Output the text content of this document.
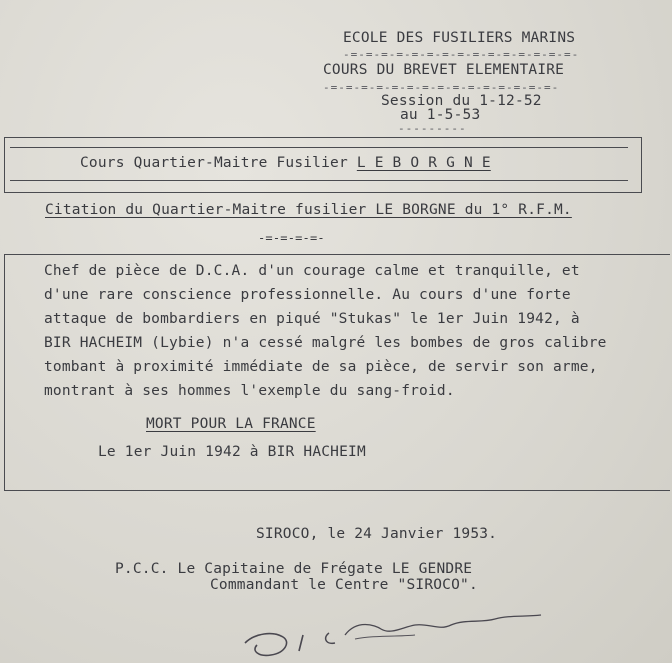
ECOLE DES FUSILIERS MARINS
-=-=-=-=-=-=-=-=-=-=-=-=-=-=-=-
COURS DU BREVET ELEMENTAIRE
-=-=-=-=-=-=-=-=-=-=-=-=-=-=-=-
Session du 1-12-52
au 1-5-53
---------
Cours Quartier-Maitre Fusilier L E B O R G N E
Citation du Quartier-Maitre fusilier LE BORGNE du 1° R.F.M.
-=-=-=-=-
Chef de pièce de D.C.A. d'un courage calme et tranquille, et
d'une rare conscience professionnelle. Au cours d'une forte
attaque de bombardiers en piqué "Stukas" le 1er Juin 1942, à
BIR HACHEIM (Lybie) n'a cessé malgré les bombes de gros calibre
tombant à proximité immédiate de sa pièce, de servir son arme,
montrant à ses hommes l'exemple du sang-froid.
MORT POUR LA FRANCE
Le 1er Juin 1942 à BIR HACHEIM
SIROCO, le 24 Janvier 1953.
P.C.C. Le Capitaine de Frégate LE GENDRE
Commandant le Centre "SIROCO".
